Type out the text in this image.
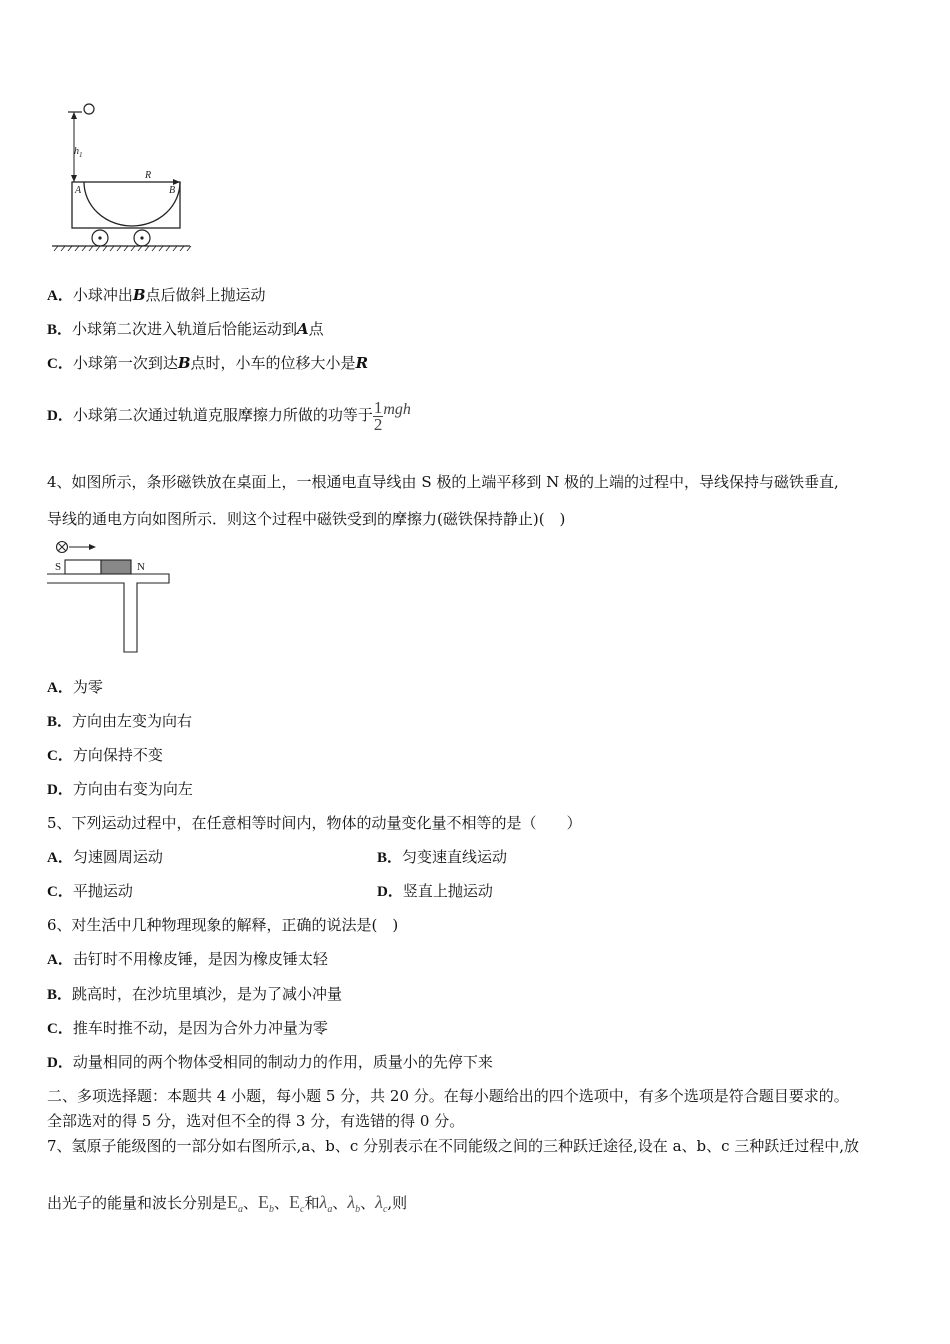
$h_1$
A	B
R
A．小球冲出B点后做斜上抛运动
B．小球第二次进入轨道后恰能运动到A点
C．小球第一次到达B点时，小车的位移大小是R
D．小球第二次通过轨道克服摩擦力所做的功等于 $\frac{1}{2}$ mgh
4、如图所示，条形磁铁放在桌面上，一根通电直导线由 S 极的上端平移到 N 极的上端的过程中，导线保持与磁铁垂直,
导线的通电方向如图所示．则这个过程中磁铁受到的摩擦力(磁铁保持静止)(　)
S	N
A．为零
B．方向由左变为向右
C．方向保持不变
D．方向由右变为向左
5、下列运动过程中，在任意相等时间内，物体的动量变化量不相等的是（　　）
A．匀速圆周运动	B．匀变速直线运动
C．平抛运动	D．竖直上抛运动
6、对生活中几种物理现象的解释，正确的说法是(　)
A．击钉时不用橡皮锤，是因为橡皮锤太轻
B．跳高时，在沙坑里填沙，是为了减小冲量
C．推车时推不动，是因为合外力冲量为零
D．动量相同的两个物体受相同的制动力的作用，质量小的先停下来
二、多项选择题：本题共 4 小题，每小题 5 分，共 20 分。在每小题给出的四个选项中，有多个选项是符合题目要求的。
全部选对的得 5 分，选对但不全的得 3 分，有选错的得 0 分。
7、氢原子能级图的一部分如右图所示,a、b、c 分别表示在不同能级之间的三种跃迁途径,设在 a、b、c 三种跃迁过程中,放
出光子的能量和波长分别是$E_a$、$E_b$、$E_c$和$\lambda_a$、$\lambda_b$、$\lambda_c$,则
